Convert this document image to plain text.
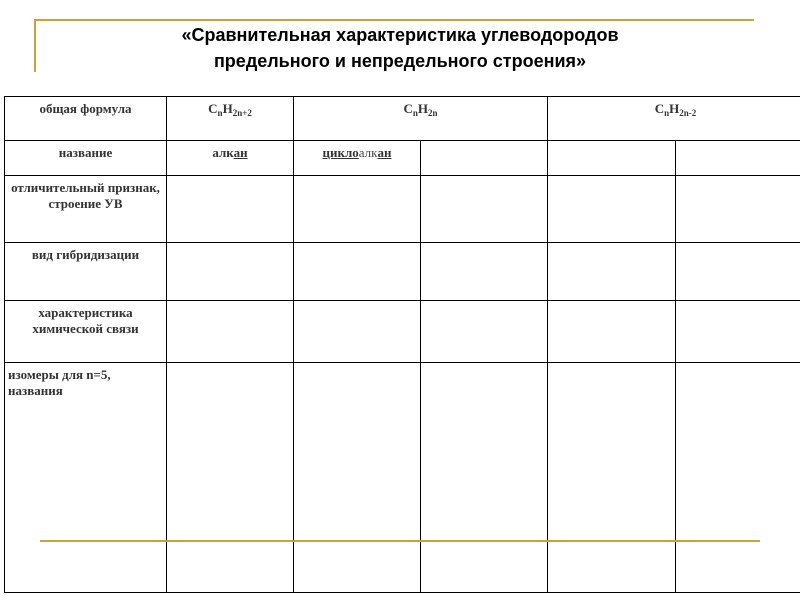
«Сравнительная характеристика углеводородов
предельного и непредельного строения»
общая формула	$C_nH_{2n+2}$	$C_nH_{2n}$		$C_nH_{2n-2}$
название	алкан	циклоалкан			
отличительный признак, строение УВ					
вид гибридизации					
характеристика химической связи					
изомеры для n=5, названия					
